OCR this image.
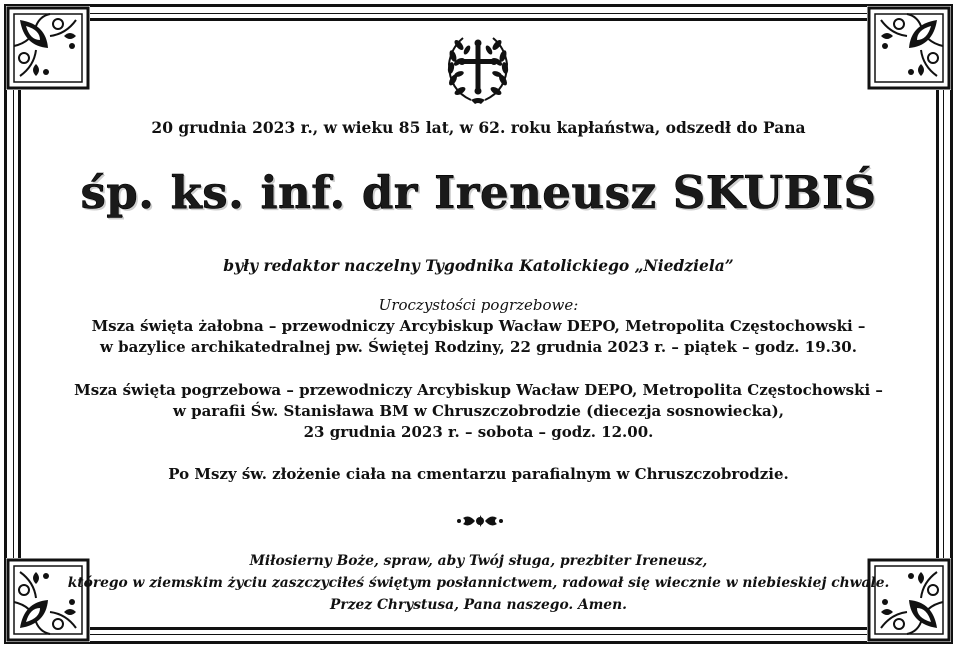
20 grudnia 2023 r., w wieku 85 lat, w 62. roku kapłaństwa, odszedł do Pana
śp. ks. inf. dr Ireneusz SKUBIŚ
były redaktor naczelny Tygodnika Katolickiego „Niedziela”
Uroczystości pogrzebowe:
Msza święta żałobna – przewodniczy Arcybiskup Wacław DEPO, Metropolita Częstochowski –
w bazylice archikatedralnej pw. Świętej Rodziny, 22 grudnia 2023 r. – piątek – godz. 19.30.
Msza święta pogrzebowa – przewodniczy Arcybiskup Wacław DEPO, Metropolita Częstochowski –
w parafii Św. Stanisława BM w Chruszczobrodzie (diecezja sosnowiecka),
23 grudnia 2023 r. – sobota – godz. 12.00.
Po Mszy św. złożenie ciała na cmentarzu parafialnym w Chruszczobrodzie.
Miłosierny Boże, spraw, aby Twój sługa, prezbiter Ireneusz,
którego w ziemskim życiu zaszczyciłeś świętym posłannictwem, radował się wiecznie w niebieskiej chwale.
Przez Chrystusa, Pana naszego. Amen.
